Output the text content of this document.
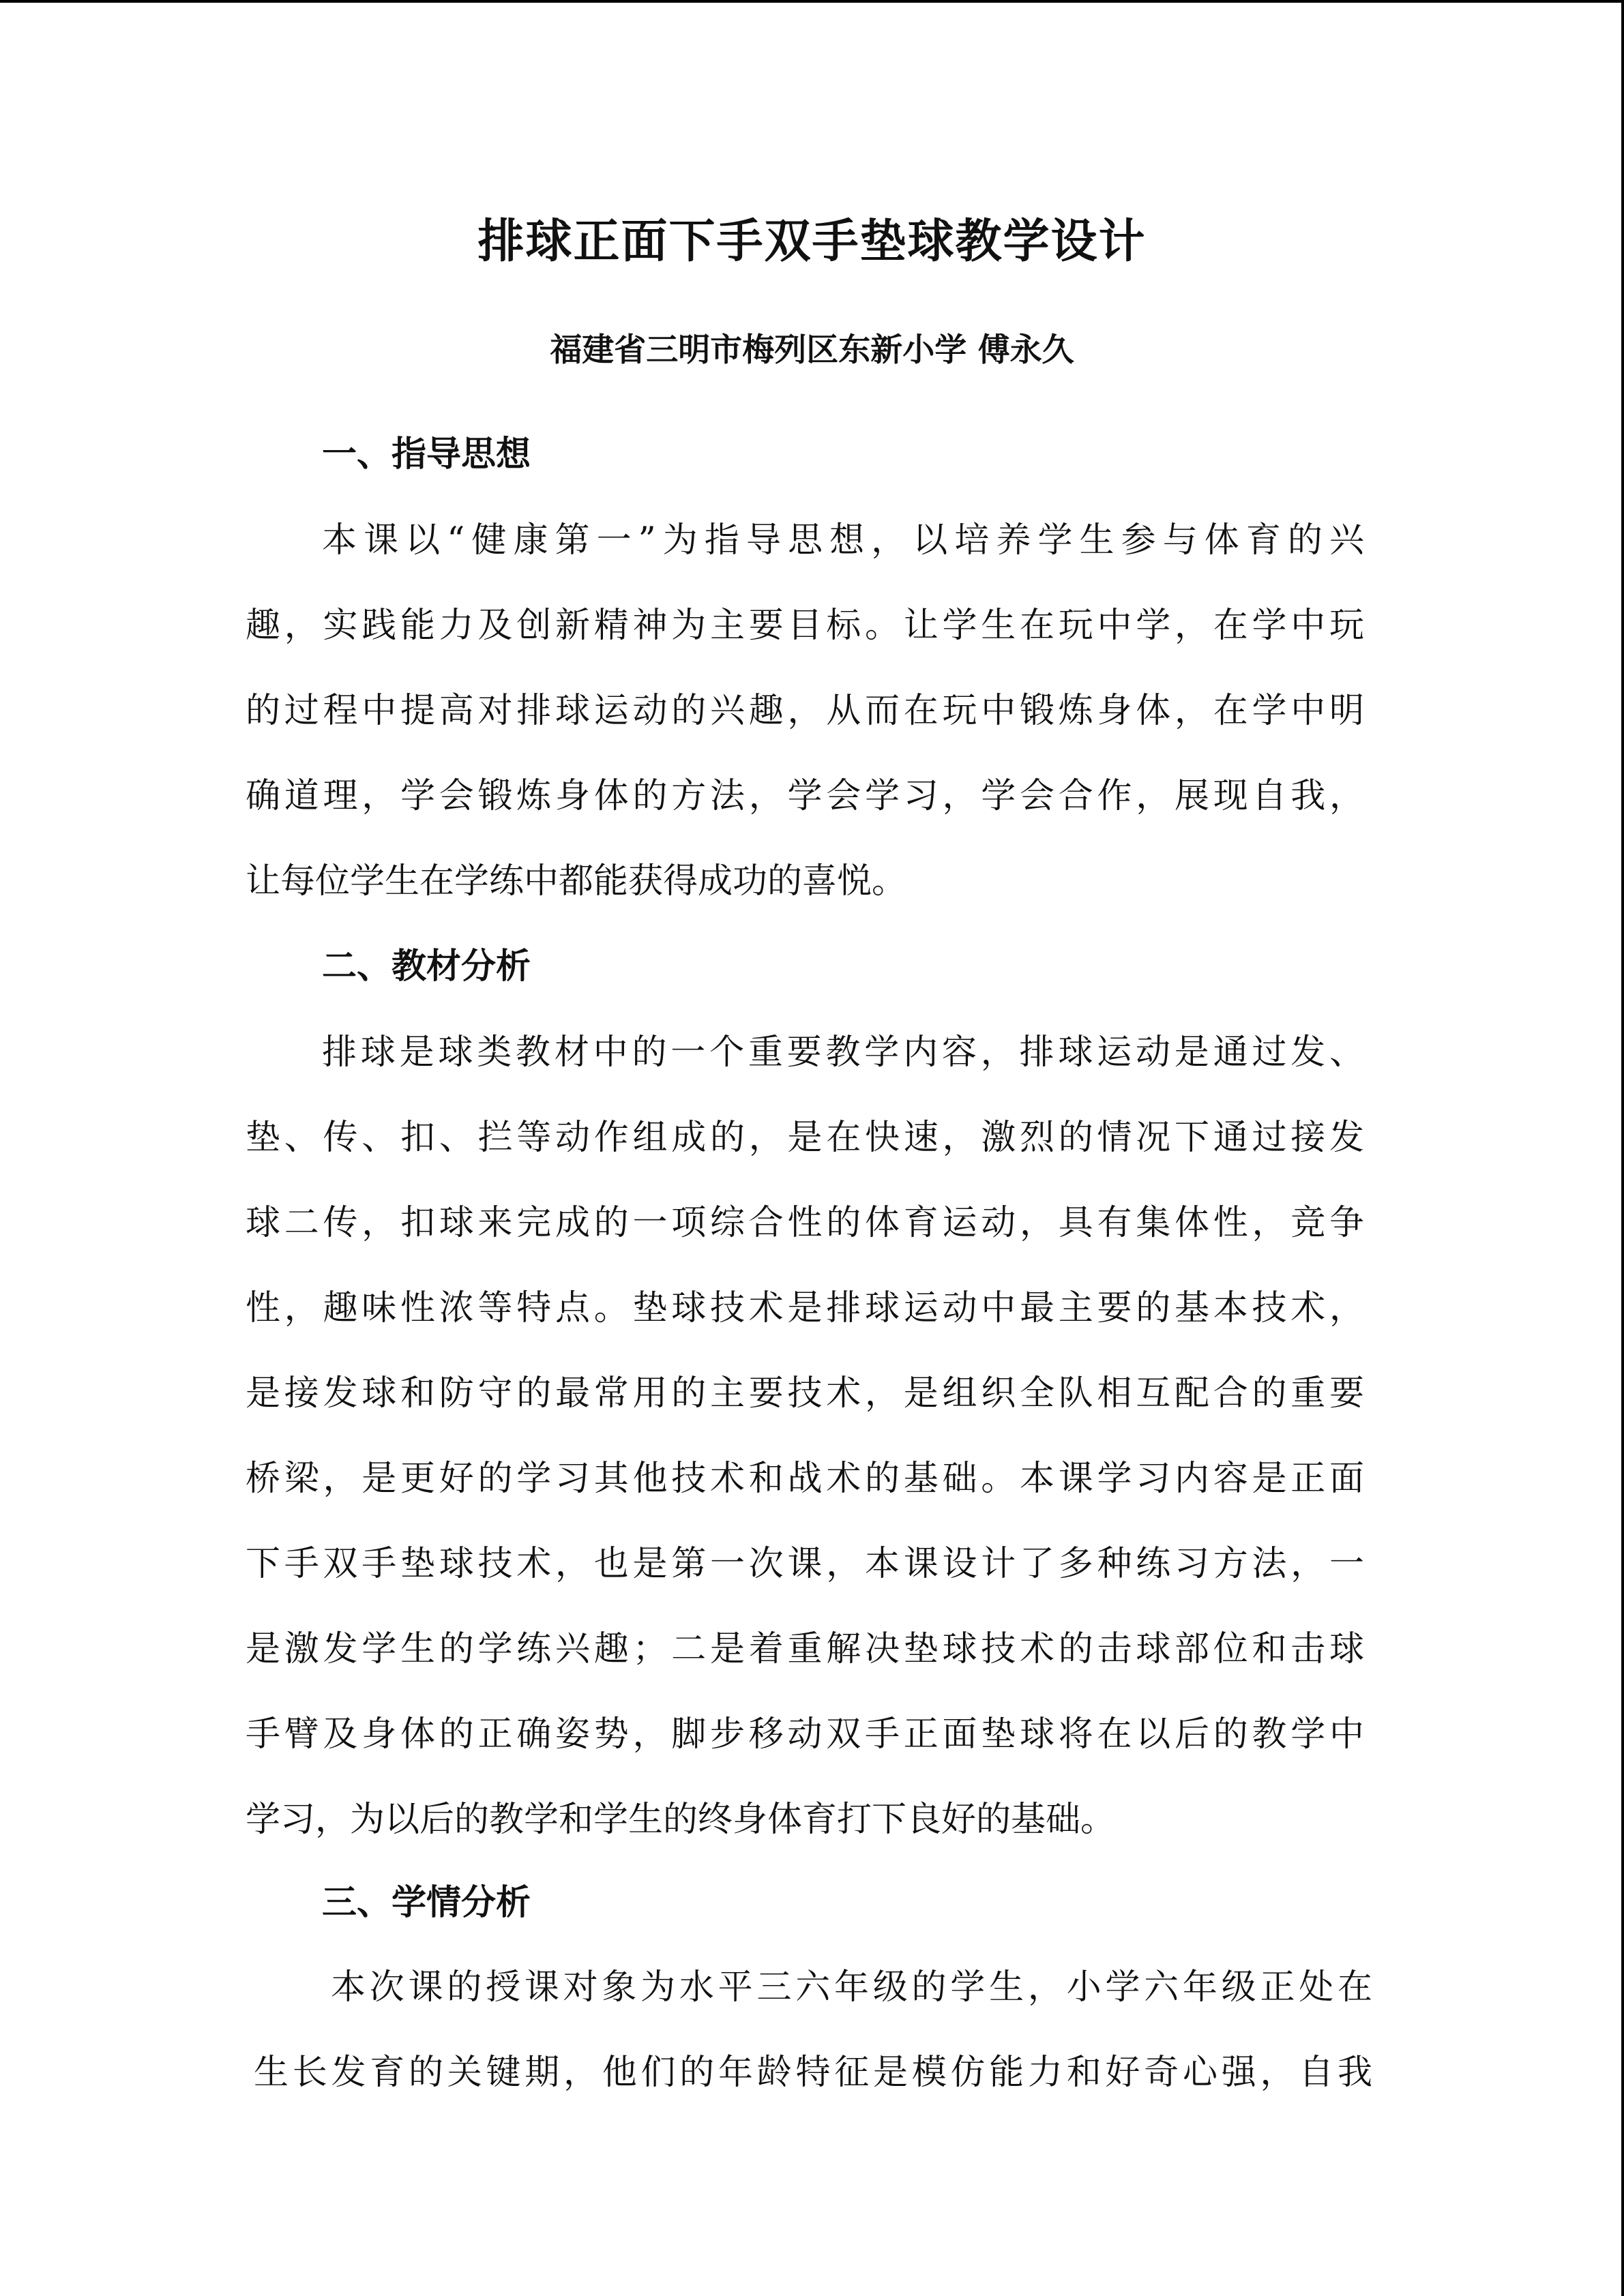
排球正面下手双手垫球教学设计
福建省三明市梅列区东新小学 傅永久
一、指导思想

本课以“健康第一”为指导思想，以培养学生参与体育的兴

趣，实践能力及创新精神为主要目标。让学生在玩中学，在学中玩

的过程中提高对排球运动的兴趣，从而在玩中锻炼身体，在学中明

确道理，学会锻炼身体的方法，学会学习，学会合作，展现自我，

让每位学生在学练中都能获得成功的喜悦。

二、教材分析

排球是球类教材中的一个重要教学内容，排球运动是通过发、

垫、传、扣、拦等动作组成的，是在快速，激烈的情况下通过接发

球二传，扣球来完成的一项综合性的体育运动，具有集体性，竞争

性，趣味性浓等特点。垫球技术是排球运动中最主要的基本技术，

是接发球和防守的最常用的主要技术，是组织全队相互配合的重要

桥梁，是更好的学习其他技术和战术的基础。本课学习内容是正面

下手双手垫球技术，也是第一次课，本课设计了多种练习方法，一

是激发学生的学练兴趣；二是着重解决垫球技术的击球部位和击球

手臂及身体的正确姿势，脚步移动双手正面垫球将在以后的教学中

学习，为以后的教学和学生的终身体育打下良好的基础。

三、学情分析

本次课的授课对象为水平三六年级的学生，小学六年级正处在

生长发育的关键期，他们的年龄特征是模仿能力和好奇心强，自我
